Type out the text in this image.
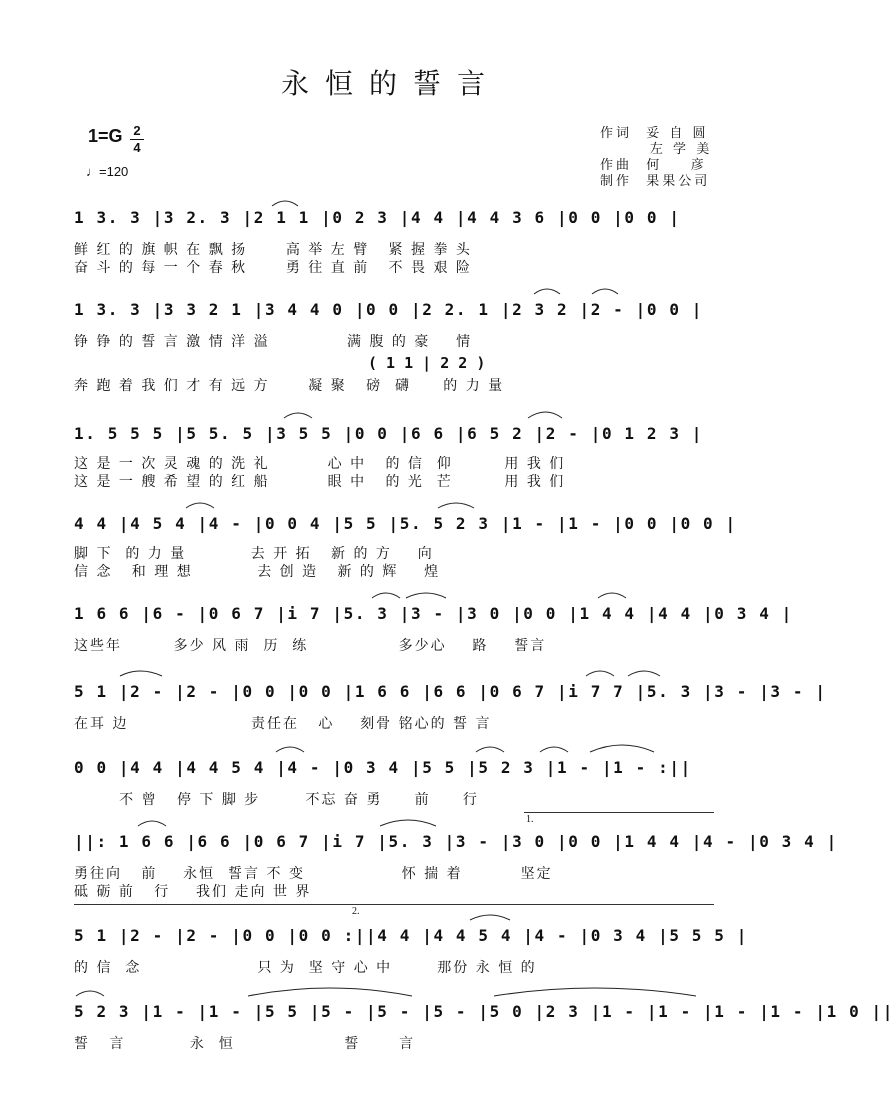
永恒的誓言
1=G 2
4
♩=120
作词  妥 自 圆
左 学 美
作曲  何    彦
制作  果果公司
1 3. 3 |3 2. 3 |2 1 1 |0 2 3 |4 4 |4 4 3 6 |0 0 |0 0 |
鲜 红 的 旗 帜 在 飘 扬      高 举 左 臂   紧 握 拳 头
奋 斗 的 每 一 个 春 秋      勇 往 直 前   不 畏 艰 险
1 3. 3 |3 3 2 1 |3 4 4 0 |0 0 |2 2. 1 |2 3 2 |2 - |0 0 |
铮 铮 的 誓 言 激 情 洋 溢            满 腹 的 豪    情
( 1 1 | 2 2 )
奔 跑 着 我 们 才 有 远 方      凝 聚   磅  礴     的 力 量
1. 5 5 5 |5 5. 5 |3 5 5 |0 0 |6 6 |6 5 2 |2 - |0 1 2 3 |
这 是 一 次 灵 魂 的 洗 礼         心 中   的 信  仰        用 我 们
这 是 一 艘 希 望 的 红 船         眼 中   的 光  芒        用 我 们
4 4 |4 5 4 |4 - |0 0 4 |5 5 |5. 5 2 3 |1 - |1 - |0 0 |0 0 |
脚 下  的 力 量          去 开 拓   新 的 方    向
信 念   和 理 想          去 创 造   新 的 辉    煌
1 6 6 |6 - |0 6 7 |i 7 |5. 3 |3 - |3 0 |0 0 |1 4 4 |4 4 |0 3 4 |
这些年        多少 风 雨  历  练              多少心    路    誓言
5 1 |2 - |2 - |0 0 |0 0 |1 6 6 |6 6 |0 6 7 |i 7 7 |5. 3 |3 - |3 - |
在耳 边                   责任在   心    刻骨 铭心的 誓 言
0 0 |4 4 |4 4 5 4 |4 - |0 3 4 |5 5 |5 2 3 |1 - |1 - :||
不 曾   停 下 脚 步       不忘 奋 勇     前     行
1.
||: 1 6 6 |6 6 |0 6 7 |i 7 |5. 3 |3 - |3 0 |0 0 |1 4 4 |4 - |0 3 4 |
勇往向   前    永恒  誓言 不 变               怀 揣 着         坚定
砥 砺 前   行    我们 走向 世 界
2.
5 1 |2 - |2 - |0 0 |0 0 :||4 4 |4 4 5 4 |4 - |0 3 4 |5 5 5 |
的 信  念                  只 为  坚 守 心 中       那份 永 恒 的
5 2 3 |1 - |1 - |5 5 |5 - |5 - |5 - |5 0 |2 3 |1 - |1 - |1 - |1 - |1 0 ||
誓   言          永  恒                 誓      言
